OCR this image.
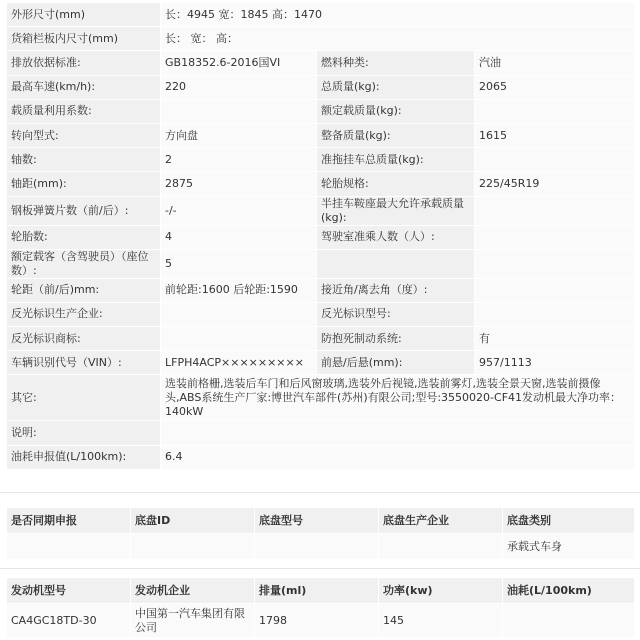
外形尺寸(mm)	长：4945 宽：1845 高：1470		
货箱栏板内尺寸(mm)	长： 宽： 高：		
排放依据标准:	GB18352.6-2016国VI	燃料种类:	汽油
最高车速(km/h):	220	总质量(kg):	2065
载质量利用系数:		额定载质量(kg):	
转向型式:	方向盘	整备质量(kg):	1615
轴数:	2	准拖挂车总质量(kg):	
轴距(mm):	2875	轮胎规格:	225/45R19
钢板弹簧片数（前/后）:	-/-	半挂车鞍座最大允许承载质量(kg):	
轮胎数:	4	驾驶室准乘人数（人）:	
额定载客（含驾驶员）（座位数）:	5		
轮距（前/后)mm:	前轮距:1600 后轮距:1590	接近角/离去角（度）:	
反光标识生产企业:		反光标识型号:	
反光标识商标:		防抱死制动系统:	有
车辆识别代号（VIN）:	LFPH4ACP×××××××××	前悬/后悬(mm):	957/1113
其它:	选装前格栅,选装后车门和后风窗玻璃,选装外后视镜,选装前雾灯,选装全景天窗,选装前摄像头,ABS系统生产厂家:博世汽车部件(苏州)有限公司;型号:3550020-CF41发动机最大净功率：140kW		
说明:			
油耗申报值(L/100km):	6.4		
是否同期申报	底盘ID	底盘型号	底盘生产企业	底盘类别
				承载式车身
发动机型号	发动机企业	排量(ml)	功率(kw)	油耗(L/100km)
CA4GC18TD-30	中国第一汽车集团有限公司	1798	145	
